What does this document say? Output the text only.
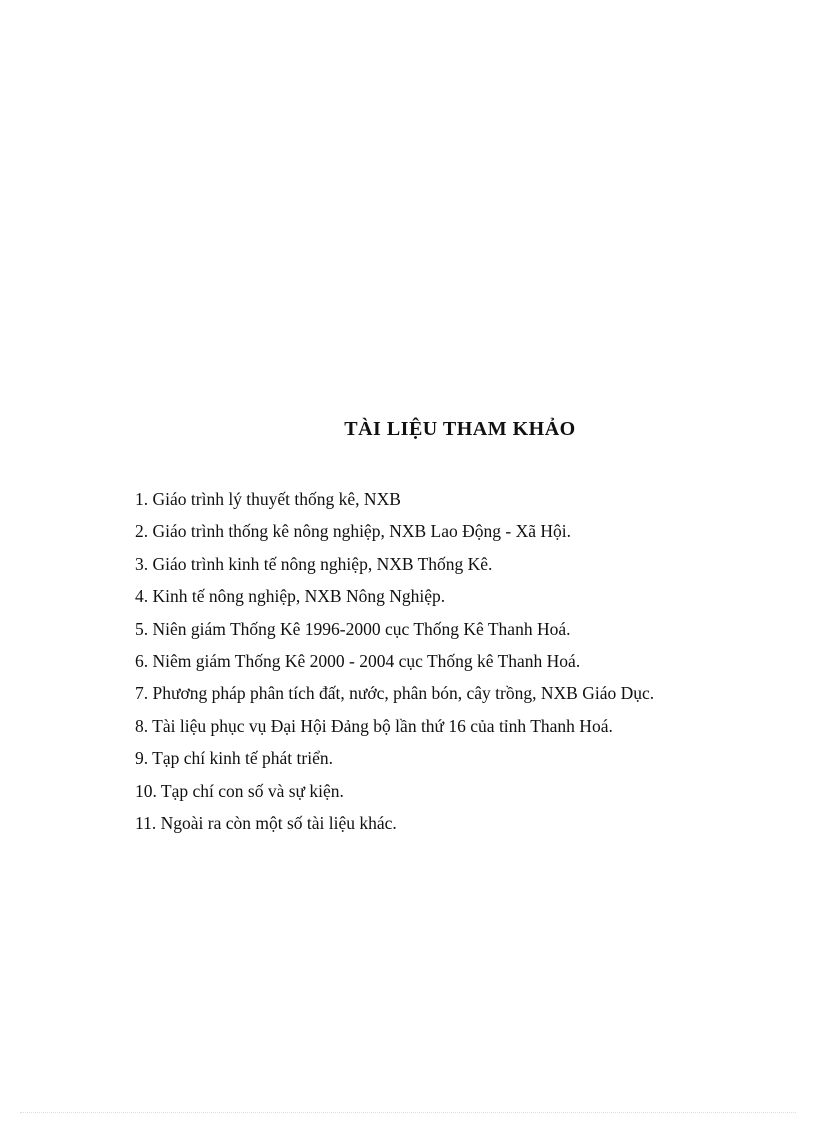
TÀI LIỆU THAM KHẢO
1. Giáo trình lý thuyết thống kê, NXB
2. Giáo trình thống kê nông nghiệp, NXB Lao Động - Xã Hội.
3. Giáo trình kinh tế nông nghiệp, NXB Thống Kê.
4. Kinh tế nông nghiệp, NXB Nông Nghiệp.
5. Niên giám Thống Kê 1996-2000 cục Thống Kê Thanh Hoá.
6. Niêm giám Thống Kê 2000 - 2004 cục Thống kê Thanh Hoá.
7. Phương pháp phân tích đất, nước, phân bón, cây trồng, NXB Giáo Dục.
8. Tài liệu phục vụ Đại Hội Đảng bộ lần thứ 16 của tỉnh Thanh Hoá.
9. Tạp chí kinh tế phát triển.
10. Tạp chí con số và sự kiện.
11. Ngoài ra còn một số tài liệu khác.
